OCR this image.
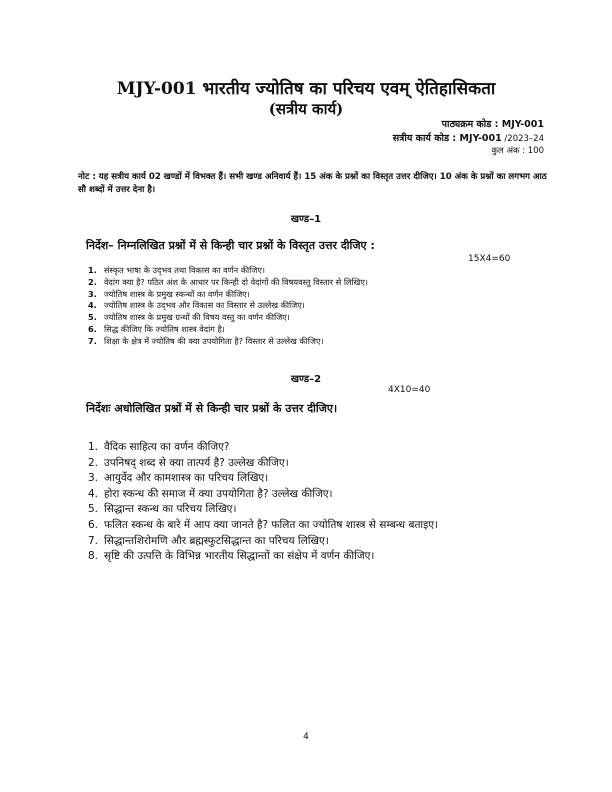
MJY-001 भारतीय ज्योतिष का परिचय एवम् ऐतिहासिकता
(सत्रीय कार्य)
पाठ्यक्रम कोड : MJY-001
सत्रीय कार्य कोड : MJY-001 /2023–24
कुल अंक : 100
नोट : यह सत्रीय कार्य 02 खण्डों में विभक्त हैं। सभी खण्ड अनिवार्य हैं। 15 अंक के प्रश्नों का विस्तृत उत्तर दीजिए। 10 अंक के प्रश्नों का लगभग आठ सौ शब्दों में उत्तर देना है।
खण्ड–1
निर्देश– निम्नलिखित प्रश्नों में से किन्ही चार प्रश्नों के विस्तृत उत्तर दीजिए :
15X4=60
1. संस्कृत भाषा के उद्‌भव तथा विकास का वर्णन कीजिए।
2. वेदांग क्या है? पठित अंश के आधार पर किन्ही दो वेदांगों की विषयवस्तु विस्तार से लिखिए।
3. ज्योतिष शास्त्र के प्रमुख स्कन्धों का वर्णन कीजिए।
4. ज्योतिष शास्त्र के उद्‌भव और विकास का विस्तार से उल्लेख कीजिए।
5. ज्योतिष शास्त्र के प्रमुख ग्रन्थों की विषय वस्तु का वर्णन कीजिए।
6. सिद्ध कीजिए कि ज्योतिष शास्त्र वेदांग है।
7. शिक्षा के क्षेत्र में ज्योतिष की क्या उपयोगिता है? विस्तार से उल्लेख कीजिए।
खण्ड–2
4X10=40
निर्देशः अधोलिखित प्रश्नों में से किन्ही चार प्रश्नों के उत्तर दीजिए।
1. वैदिक साहित्य का वर्णन कीजिए?
2. उपनिषद् शब्द से क्या तात्पर्य है? उल्लेख कीजिए।
3. आयुर्वेद और कामशास्त्र का परिचय लिखिए।
4. होरा स्कन्ध की समाज में क्या उपयोगिता है? उल्लेख कीजिए।
5. सिद्धान्त स्कन्ध का परिचय लिखिए।
6. फलित स्कन्ध के बारे में आप क्या जानते है? फलित का ज्योतिष शास्त्र से सम्बन्ध बताइए।
7. सिद्धान्तशिरोमणि और ब्रह्मस्फुटसिद्धान्त का परिचय लिखिए।
8. सृष्टि की उत्पत्ति के विभिन्न भारतीय सिद्धान्तों का संक्षेप में वर्णन कीजिए।
4
